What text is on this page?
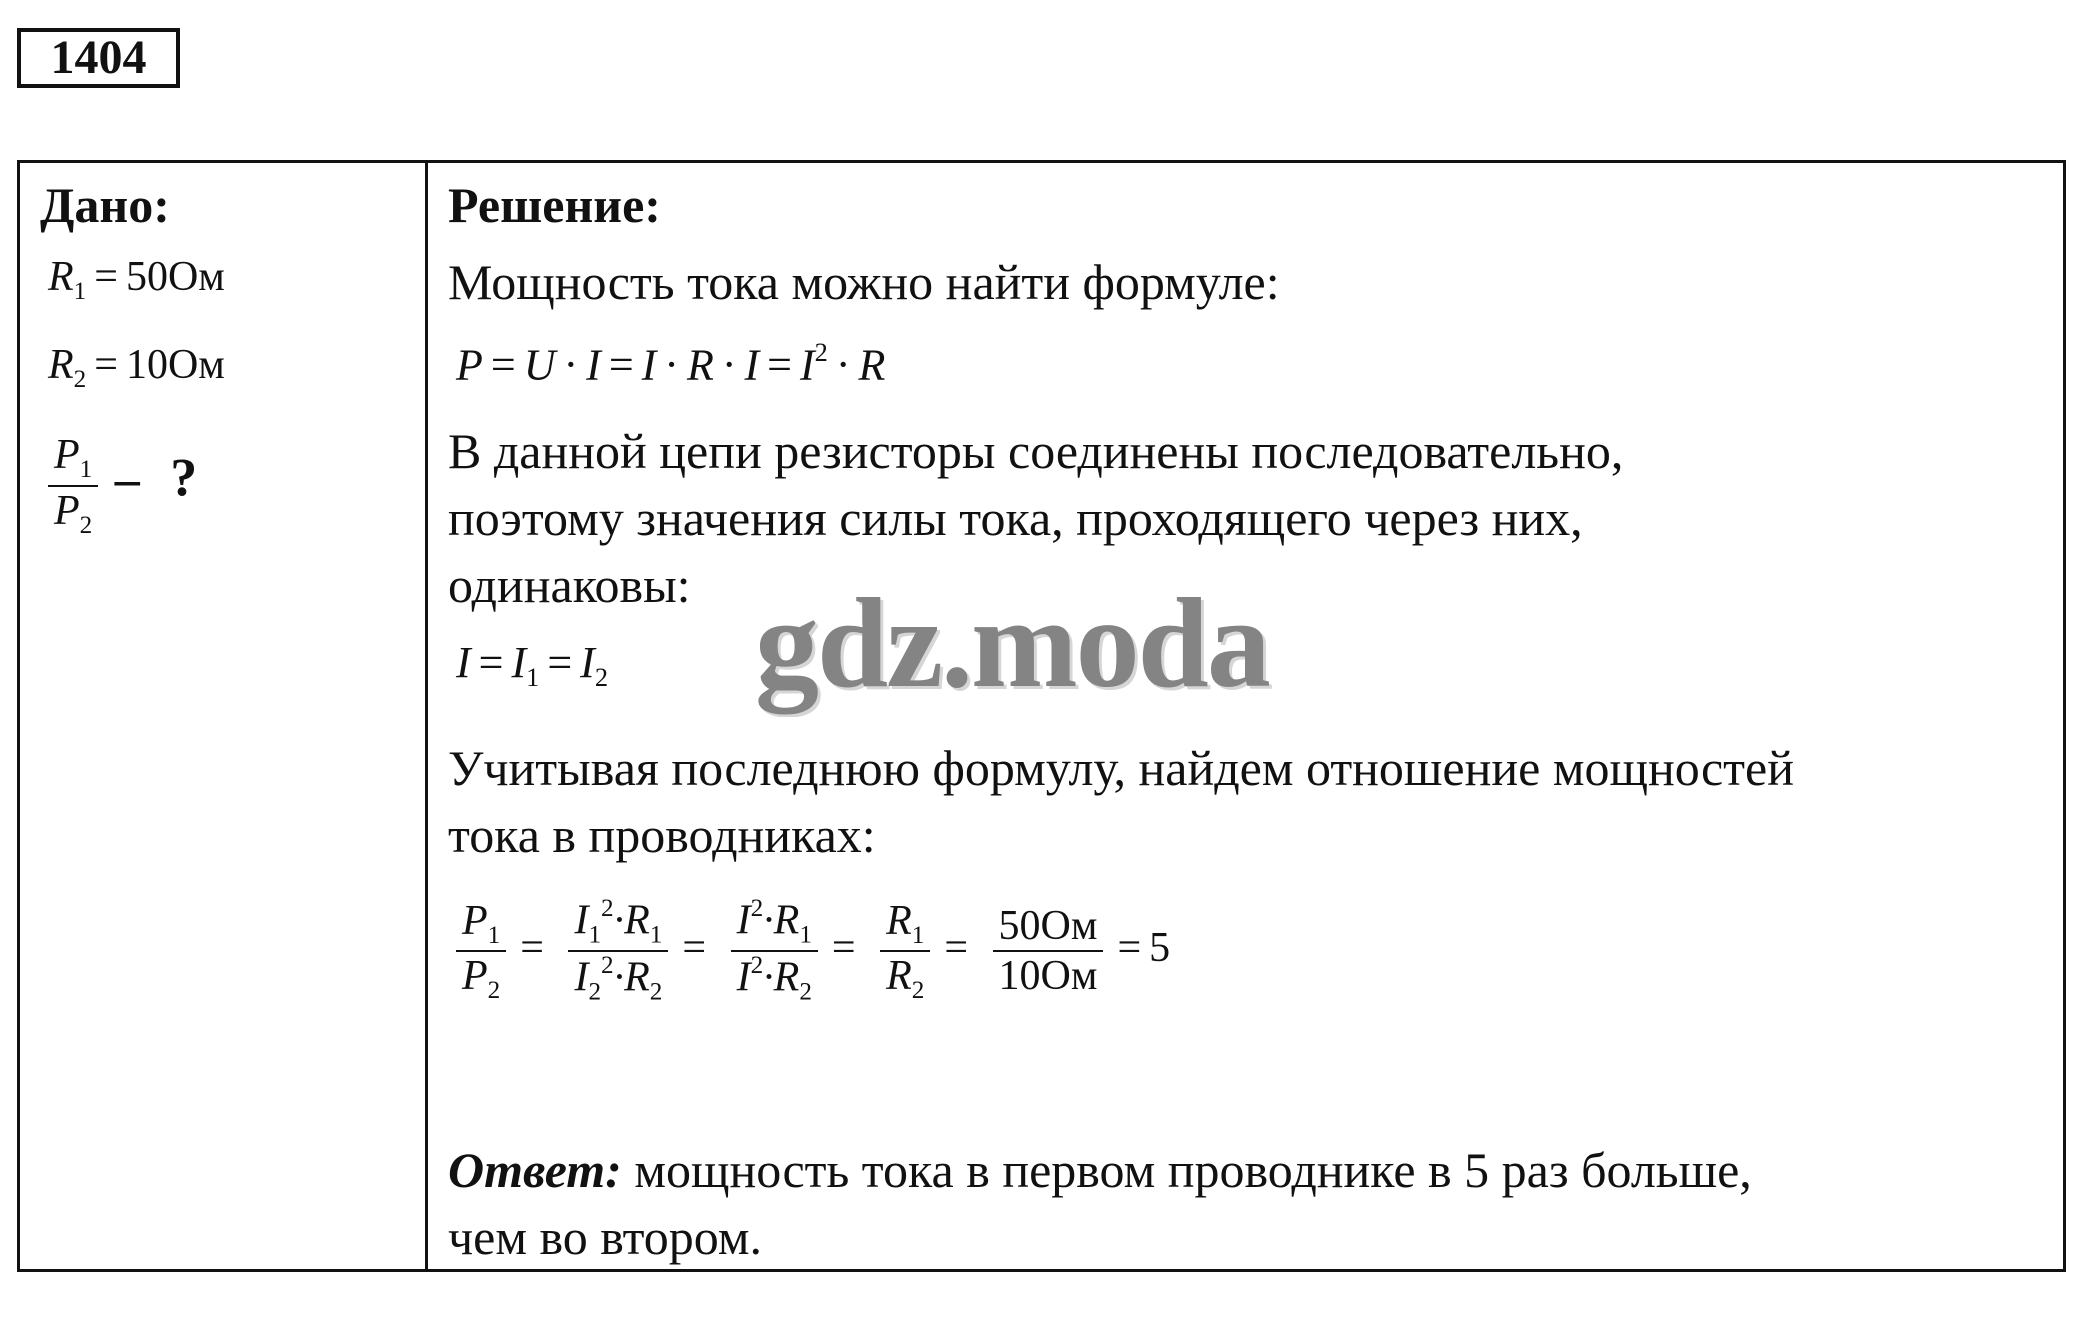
1404
Дано:
$R_1 = 50Ом$
$R_2 = 10Ом$
$\frac{P_1}{P_2}$ – ?
Решение:
Мощность тока можно найти формуле:
$P = U \cdot I = I \cdot R \cdot I = I^2 \cdot R$
В данной цепи резисторы соединены последовательно,
поэтому значения силы тока, проходящего через них,
одинаковы:
$I = I_1 = I_2$
Учитывая последнюю формулу, найдем отношение мощностей
тока в проводниках:
$\frac{P_1}{P_2} = \frac{I_1^2\cdot R_1}{I_2^2\cdot R_2} = \frac{I^2\cdot R_1}{I^2\cdot R_2} = \frac{R_1}{R_2} = \frac{50Ом}{10Ом} = 5$
Ответ: мощность тока в первом проводнике в 5 раз больше,
чем во втором.
gdz.moda
